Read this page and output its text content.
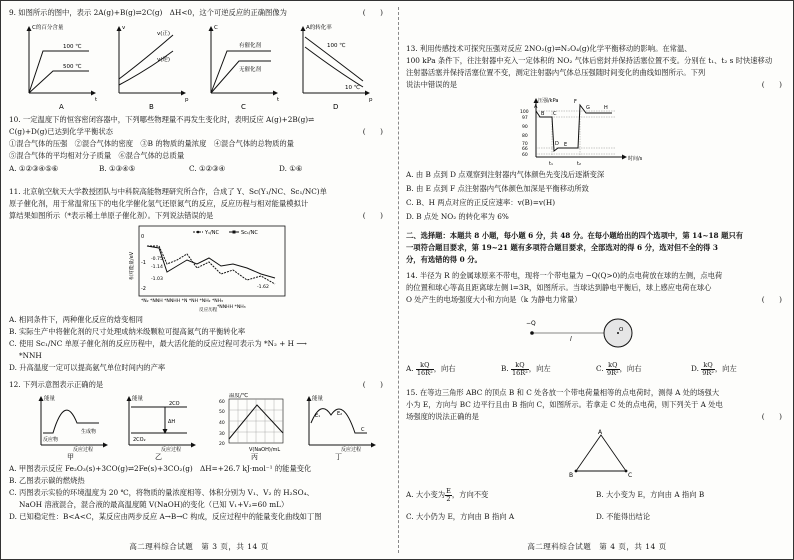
9. 如图所示的图中，表示 2A(g)+B(g)⇌2C(g)　ΔH<0，这个可逆反应的正确图像为	(　　)
C的百分含量
100 ℃
500 ℃
t
A
v
v(正)
v(逆)
p
B
C
有催化剂
无催化剂
t
C
A的转化率
100 ℃
10 ℃
p
D
10. 一定温度下的恒容密闭容器中，下列哪些物理量不再发生变化时，表明反应 A(g)+2B(g)⇌
C(g)+D(g)已达到化学平衡状态	(　　)
①混合气体的压强　②混合气体的密度　③B 的物质的量浓度　④混合气体的总物质的量
⑤混合气体的平均相对分子质量　⑥混合气体的总质量
A. ①②③④⑤⑥	B. ①③④⑤	C. ①②③④	D. ①⑥
11. 北京航空航天大学教授团队与中科院高能物理研究所合作，合成了 Y、Sc(Y₁/NC、Sc₁/NC)单
原子催化剂，用于常温常压下的电化学催化氢气还原氮气的反应，反应历程与相对能量模拟计
算结果如图所示（*表示稀土单原子催化剂）。下列说法错误的是	(　　)
相对能量/eV
0
-1
-2
Y₁/NC	Sc₁/NC
-0.75
-1.14
-1.03
-1.62
*N₂ *NNH *NNHH *N *NH *NH₂ *NH₃
*NNHH *NH₃
反应历程
A. 相同条件下，两种催化反应的焓变相同
B. 实际生产中将催化剂的尺寸处理成纳米级颗粒可提高氮气的平衡转化率
C. 使用 Sc₁/NC 单原子催化剂的反应历程中，最大活化能的反应过程可表示为 *N₂ + H ⟶
*NNH
D. 升高温度一定可以提高氨气单位时间内的产率
12. 下列示意图表示正确的是	(　　)
能量
反应物
生成物
反应过程
甲
2CO
2CO₂
ΔH
能量
反应过程
乙
60
50
40
30
20
温度/℃
V(NaOH)/mL
丙
能量
E₁	E₂
C
反应过程
丁
A. 甲图表示反应 Fe₂O₃(s)+3CO(g)⇌2Fe(s)+3CO₂(g)　ΔH=+26.7 kJ·mol⁻¹ 的能量变化
B. 乙图表示碳的燃烧热
C. 丙图表示实验的环境温度为 20 ℃，将物质的量浓度相等、体积分别为 V₁、V₂ 的 H₂SO₄、
NaOH 溶液混合，混合液的最高温度随 V(NaOH)的变化（已知 V₁+V₂=60 mL）
D. 已知稳定性：B<A<C，某反应由两步反应 A→B→C 构成，反应过程中的能量变化曲线如丁图
高二理科综合试题　第 3 页，共 14 页
13. 利用传感技术可探究压强对反应 2NO₂(g)⇌N₂O₄(g)化学平衡移动的影响。在常温、
100 kPa 条件下，往注射器中充入一定体积的 NO₂ 气体后密封并保持活塞位置不变。分别在 t₁、t₂ s 时快速移动
注射器活塞并保持活塞位置不变，测定注射器内气体总压强随时间变化的曲线如图所示。下列
说法中错误的是	(　　)
压强/kPa
时间/s
100
97
90
80
70
66
60
A
B C
D E
F
G	H
t₁	t₂
A. 由 B 点到 D 点观察到注射器内气体颜色先变浅后逐渐变深
B. 由 E 点到 F 点注射器内气体颜色加深是平衡移动所致
C. B、H 两点对应的正反应速率：v(B)=v(H)
D. B 点处 NO₂ 的转化率为 6%
二、选择题：本题共 8 小题，每小题 6 分，共 48 分。在每小题给出的四个选项中，第 14~18 题只有
一项符合题目要求，第 19~21 题有多项符合题目要求，全部选对的得 6 分，选对但不全的得 3
分，有选错的得 0 分。
14. 半径为 R 的金属球原来不带电，现将一个带电量为 −Q(Q>0)的点电荷放在球的左侧，点电荷
的位置和球心等高且距离球左侧 l=3R，如图所示。当球达到静电平衡后，球上感应电荷在球心
O 处产生的电场强度大小和方向是（k 为静电力常量）	(　　)
−Q
l
O
A. $\frac{kQ}{\text{16R²}}$ ，向右	B. $\frac{kQ}{\text{16R²}}$ ，向左	C. $\frac{kQ}{\text{9R²}}$ ，向右	D. $\frac{kQ}{\text{9R²}}$ ，向左
15. 在等边三角形 ABC 的顶点 B 和 C 处各放一个带电荷量相等的点电荷时，测得 A 处的场强大
小为 E，方向与 BC 边平行且由 B 指向 C，如图所示。若拿走 C 处的点电荷，则下列关于 A 处电
场强度的说法正确的是	(　　)
A
B	C
A. 大小变为 $\frac{E}{2}$ ，方向不变	B. 大小变为 E，方向由 A 指向 B
C. 大小仍为 E，方向由 B 指向 A	D. 不能得出结论
高二理科综合试题　第 4 页，共 14 页
